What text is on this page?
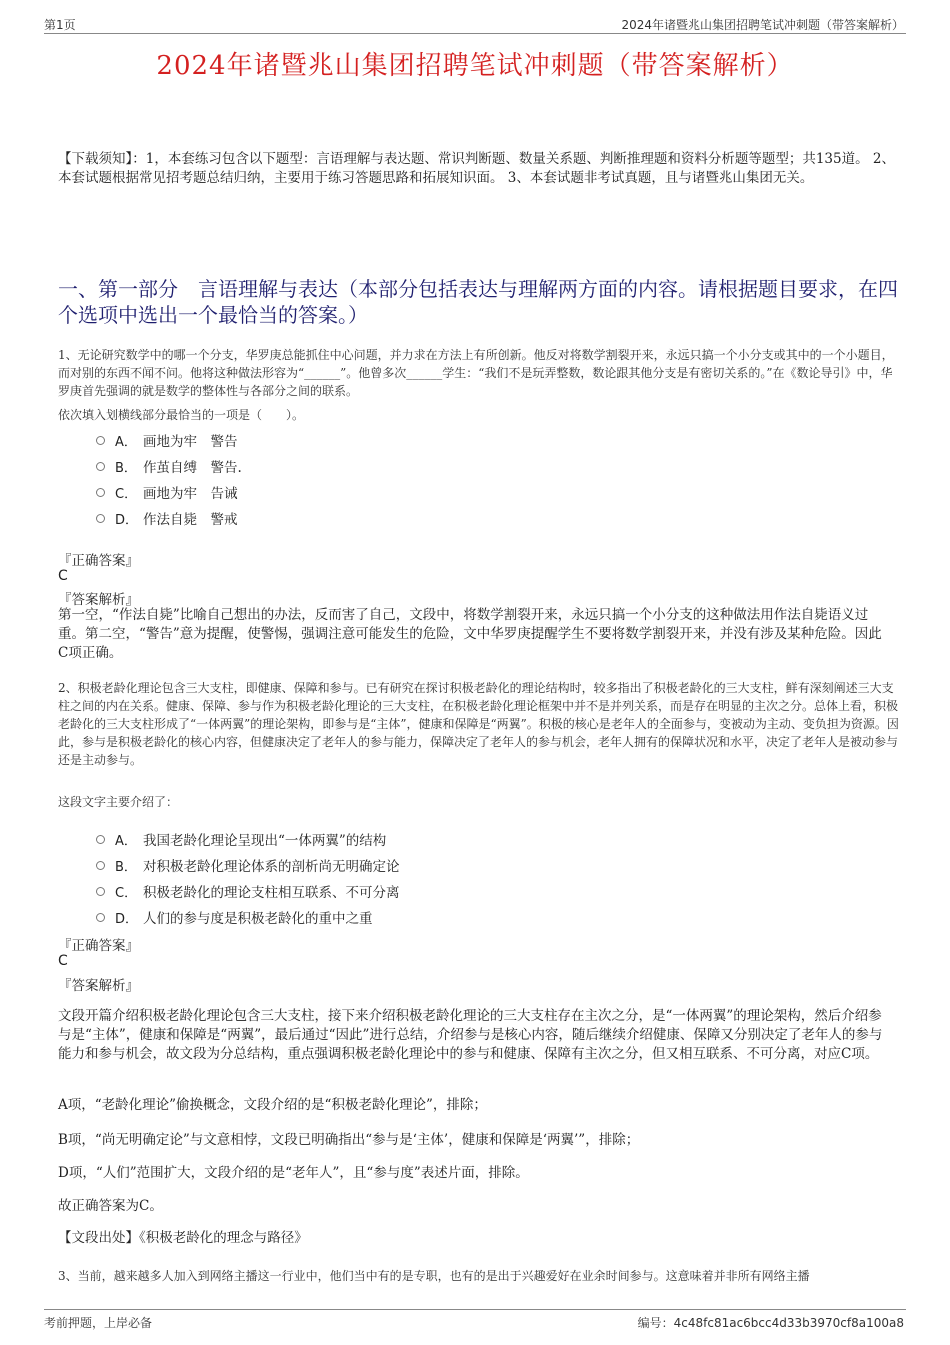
第1页	2024年诸暨兆山集团招聘笔试冲刺题（带答案解析）
2024年诸暨兆山集团招聘笔试冲刺题（带答案解析）
【下载须知】：1，本套练习包含以下题型：言语理解与表达题、常识判断题、数量关系题、判断推理题和资料分析题等题型；共135道。 2、本套试题根据常见招考题总结归纳，主要用于练习答题思路和拓展知识面。 3、本套试题非考试真题，且与诸暨兆山集团无关。
一、第一部分　言语理解与表达（本部分包括表达与理解两方面的内容。请根据题目要求，在四个选项中选出一个最恰当的答案。）
1、无论研究数学中的哪一个分支，华罗庚总能抓住中心问题，并力求在方法上有所创新。他反对将数学割裂开来，永远只搞一个小分支或其中的一个小题目，而对别的东西不闻不问。他将这种做法形容为“______”。他曾多次______学生：“我们不是玩弄整数，数论跟其他分支是有密切关系的。”在《数论导引》中，华罗庚首先强调的就是数学的整体性与各部分之间的联系。
依次填入划横线部分最恰当的一项是（　　）。
A． 画地为牢　警告
B． 作茧自缚　警告.
C． 画地为牢　告诫
D． 作法自毙　警戒
『正确答案』
C
『答案解析』
第一空，“作法自毙”比喻自己想出的办法，反而害了自己，文段中，将数学割裂开来，永远只搞一个小分支的这种做法用作法自毙语义过重。第二空，“警告”意为提醒，使警惕，强调注意可能发生的危险，文中华罗庚提醒学生不要将数学割裂开来，并没有涉及某种危险。因此C项正确。
2、积极老龄化理论包含三大支柱，即健康、保障和参与。已有研究在探讨积极老龄化的理论结构时，较多指出了积极老龄化的三大支柱，鲜有深刻阐述三大支柱之间的内在关系。健康、保障、参与作为积极老龄化理论的三大支柱，在积极老龄化理论框架中并不是并列关系，而是存在明显的主次之分。总体上看，积极老龄化的三大支柱形成了“一体两翼”的理论架构，即参与是“主体”，健康和保障是“两翼”。积极的核心是老年人的全面参与，变被动为主动、变负担为资源。因此，参与是积极老龄化的核心内容，但健康决定了老年人的参与能力，保障决定了老年人的参与机会，老年人拥有的保障状况和水平，决定了老年人是被动参与还是主动参与。
这段文字主要介绍了：
A． 我国老龄化理论呈现出“一体两翼”的结构
B． 对积极老龄化理论体系的剖析尚无明确定论
C． 积极老龄化的理论支柱相互联系、不可分离
D． 人们的参与度是积极老龄化的重中之重
『正确答案』
C
『答案解析』
文段开篇介绍积极老龄化理论包含三大支柱，接下来介绍积极老龄化理论的三大支柱存在主次之分，是“一体两翼”的理论架构，然后介绍参与是“主体”，健康和保障是“两翼”，最后通过“因此”进行总结，介绍参与是核心内容，随后继续介绍健康、保障又分别决定了老年人的参与能力和参与机会，故文段为分总结构，重点强调积极老龄化理论中的参与和健康、保障有主次之分，但又相互联系、不可分离，对应C项。
A项，“老龄化理论”偷换概念，文段介绍的是“积极老龄化理论”，排除；
B项，“尚无明确定论”与文意相悖，文段已明确指出“参与是‘主体’，健康和保障是‘两翼’”，排除；
D项，“人们”范围扩大，文段介绍的是“老年人”，且“参与度”表述片面，排除。
故正确答案为C。
【文段出处】《积极老龄化的理念与路径》
3、当前，越来越多人加入到网络主播这一行业中，他们当中有的是专职，也有的是出于兴趣爱好在业余时间参与。这意味着并非所有网络主播
考前押题，上岸必备	编号：4c48fc81ac6bcc4d33b3970cf8a100a8
